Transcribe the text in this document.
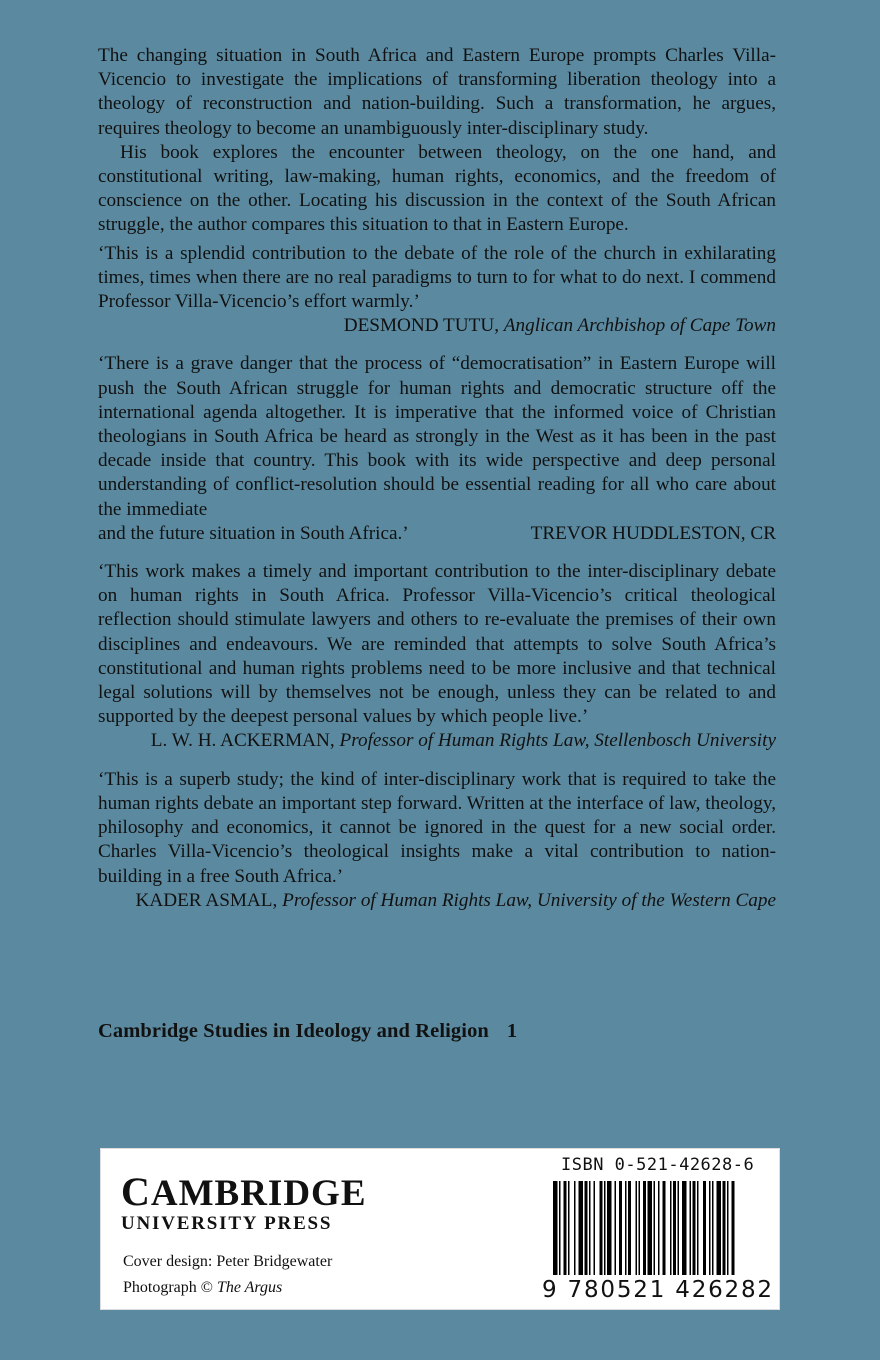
The changing situation in South Africa and Eastern Europe prompts Charles Villa-Vicencio to investigate the implications of transforming liberation theology into a theology of reconstruction and nation-building. Such a transformation, he argues, requires theology to become an unambiguously inter-disciplinary study.

His book explores the encounter between theology, on the one hand, and constitutional writing, law-making, human rights, economics, and the freedom of conscience on the other. Locating his discussion in the context of the South African struggle, the author compares this situation to that in Eastern Europe.

‘This is a splendid contribution to the debate of the role of the church in exhilarating times, times when there are no real paradigms to turn to for what to do next. I commend Professor Villa-Vicencio’s effort warmly.’

DESMOND TUTU, Anglican Archbishop of Cape Town

‘There is a grave danger that the process of “democratisation” in Eastern Europe will push the South African struggle for human rights and democratic structure off the international agenda altogether. It is imperative that the informed voice of Christian theologians in South Africa be heard as strongly in the West as it has been in the past decade inside that country. This book with its wide perspective and deep personal understanding of conflict-resolution should be essential reading for all who care about the immediate

and the future situation in South Africa.’	TREVOR HUDDLESTON, CR

‘This work makes a timely and important contribution to the inter-disciplinary debate on human rights in South Africa. Professor Villa-Vicencio’s critical theological reflection should stimulate lawyers and others to re-evaluate the premises of their own disciplines and endeavours. We are reminded that attempts to solve South Africa’s constitutional and human rights problems need to be more inclusive and that technical legal solutions will by themselves not be enough, unless they can be related to and supported by the deepest personal values by which people live.’

L. W. H. ACKERMAN, Professor of Human Rights Law, Stellenbosch University

‘This is a superb study; the kind of inter-disciplinary work that is required to take the human rights debate an important step forward. Written at the interface of law, theology, philosophy and economics, it cannot be ignored in the quest for a new social order. Charles Villa-Vicencio’s theological insights make a vital contribution to nation-building in a free South Africa.’

KADER ASMAL, Professor of Human Rights Law, University of the Western Cape
Cambridge Studies in Ideology and Religion 1
CAMBRIDGE
UNIVERSITY PRESS
Cover design: Peter Bridgewater
Photograph © The Argus
ISBN 0-521-42628-6
9 780521 426282
